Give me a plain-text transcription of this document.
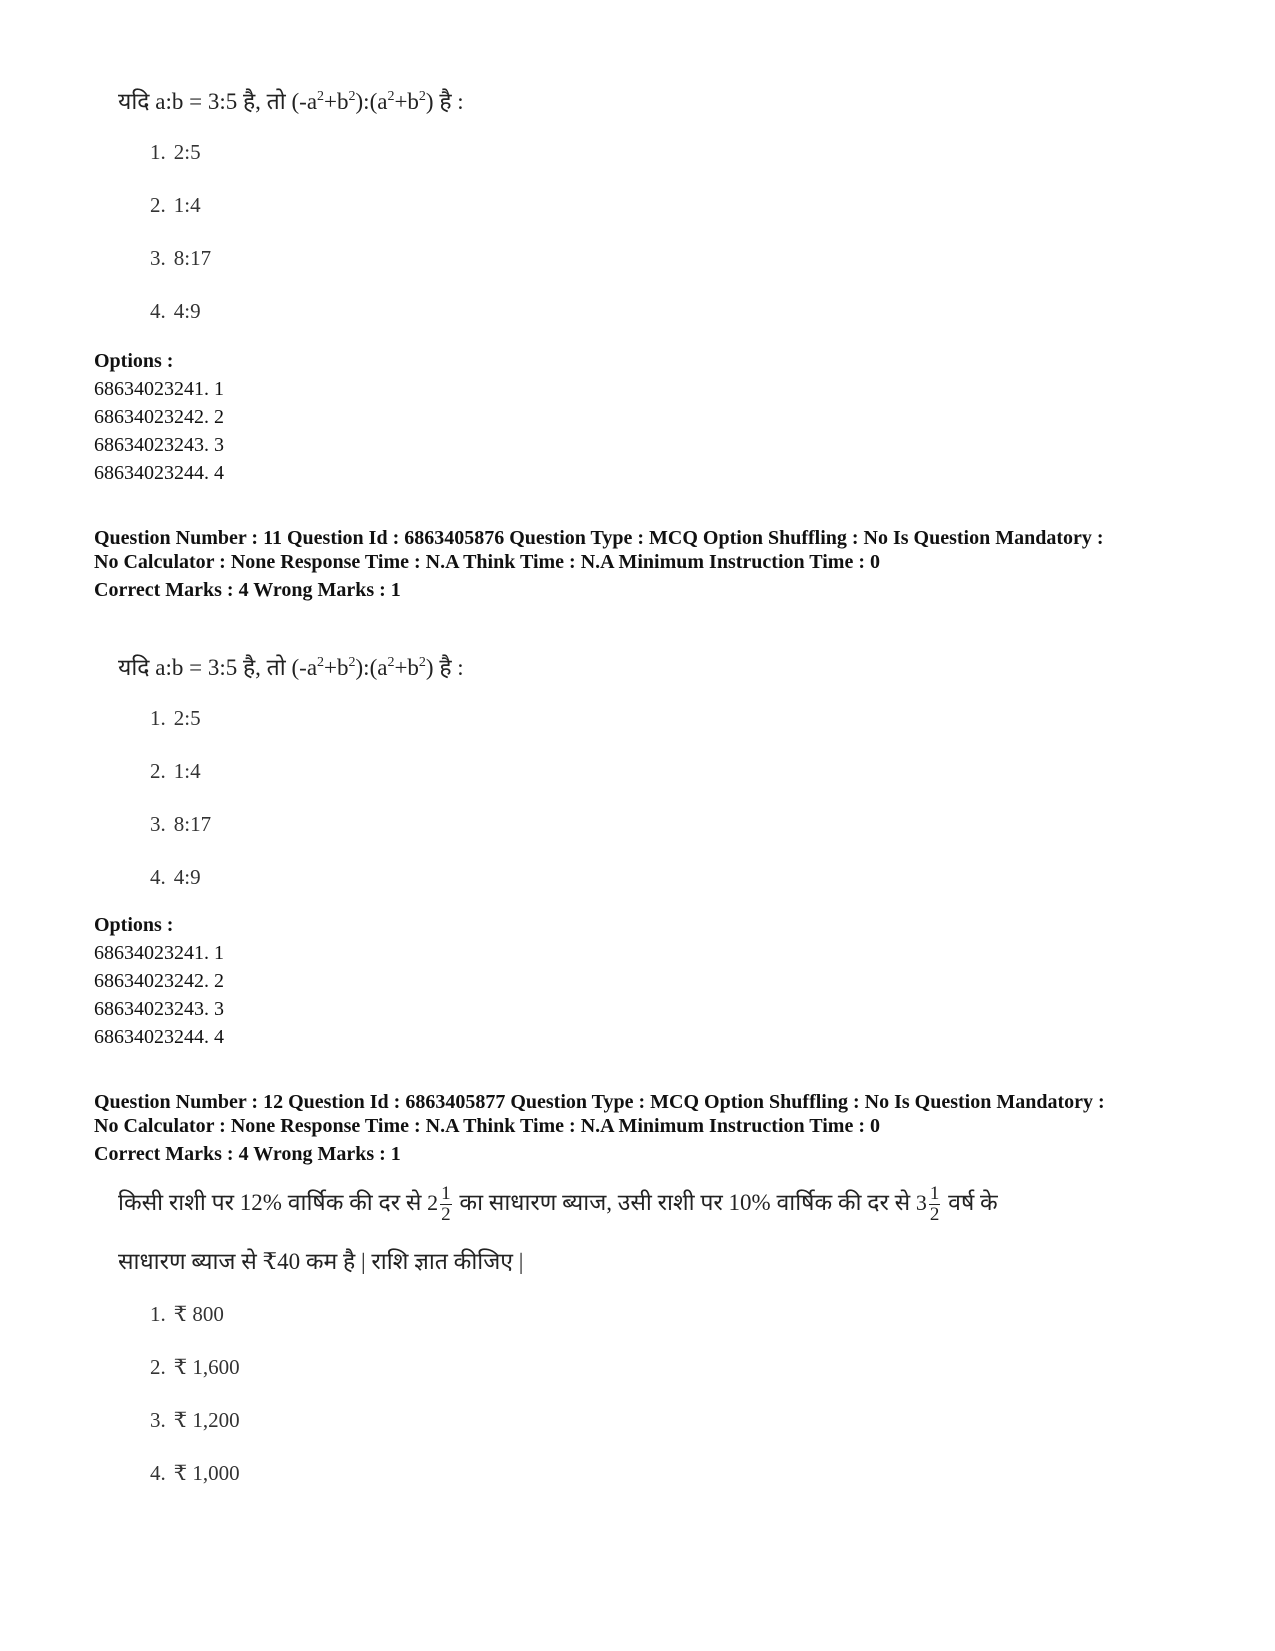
यदि a:b = 3:5 है, तो $(-a^2+b^2):(a^2+b^2)$ है :
1. 2:5
2. 1:4
3. 8:17
4. 4:9
Options :
68634023241. 1
68634023242. 2
68634023243. 3
68634023244. 4
Question Number : 11 Question Id : 6863405876 Question Type : MCQ Option Shuffling : No Is Question Mandatory :
No Calculator : None Response Time : N.A Think Time : N.A Minimum Instruction Time : 0
Correct Marks : 4 Wrong Marks : 1
यदि a:b = 3:5 है, तो $(-a^2+b^2):(a^2+b^2)$ है :
1. 2:5
2. 1:4
3. 8:17
4. 4:9
Options :
68634023241. 1
68634023242. 2
68634023243. 3
68634023244. 4
Question Number : 12 Question Id : 6863405877 Question Type : MCQ Option Shuffling : No Is Question Mandatory :
No Calculator : None Response Time : N.A Think Time : N.A Minimum Instruction Time : 0
Correct Marks : 4 Wrong Marks : 1
किसी राशी पर 12% वार्षिक की दर से $2 \frac{1}{2}$ का साधारण ब्याज, उसी राशी पर 10% वार्षिक की दर से $3 \frac{1}{2}$ वर्ष के
साधारण ब्याज से ₹40 कम है | राशि ज्ञात कीजिए |
1. ₹ 800
2. ₹ 1,600
3. ₹ 1,200
4. ₹ 1,000
